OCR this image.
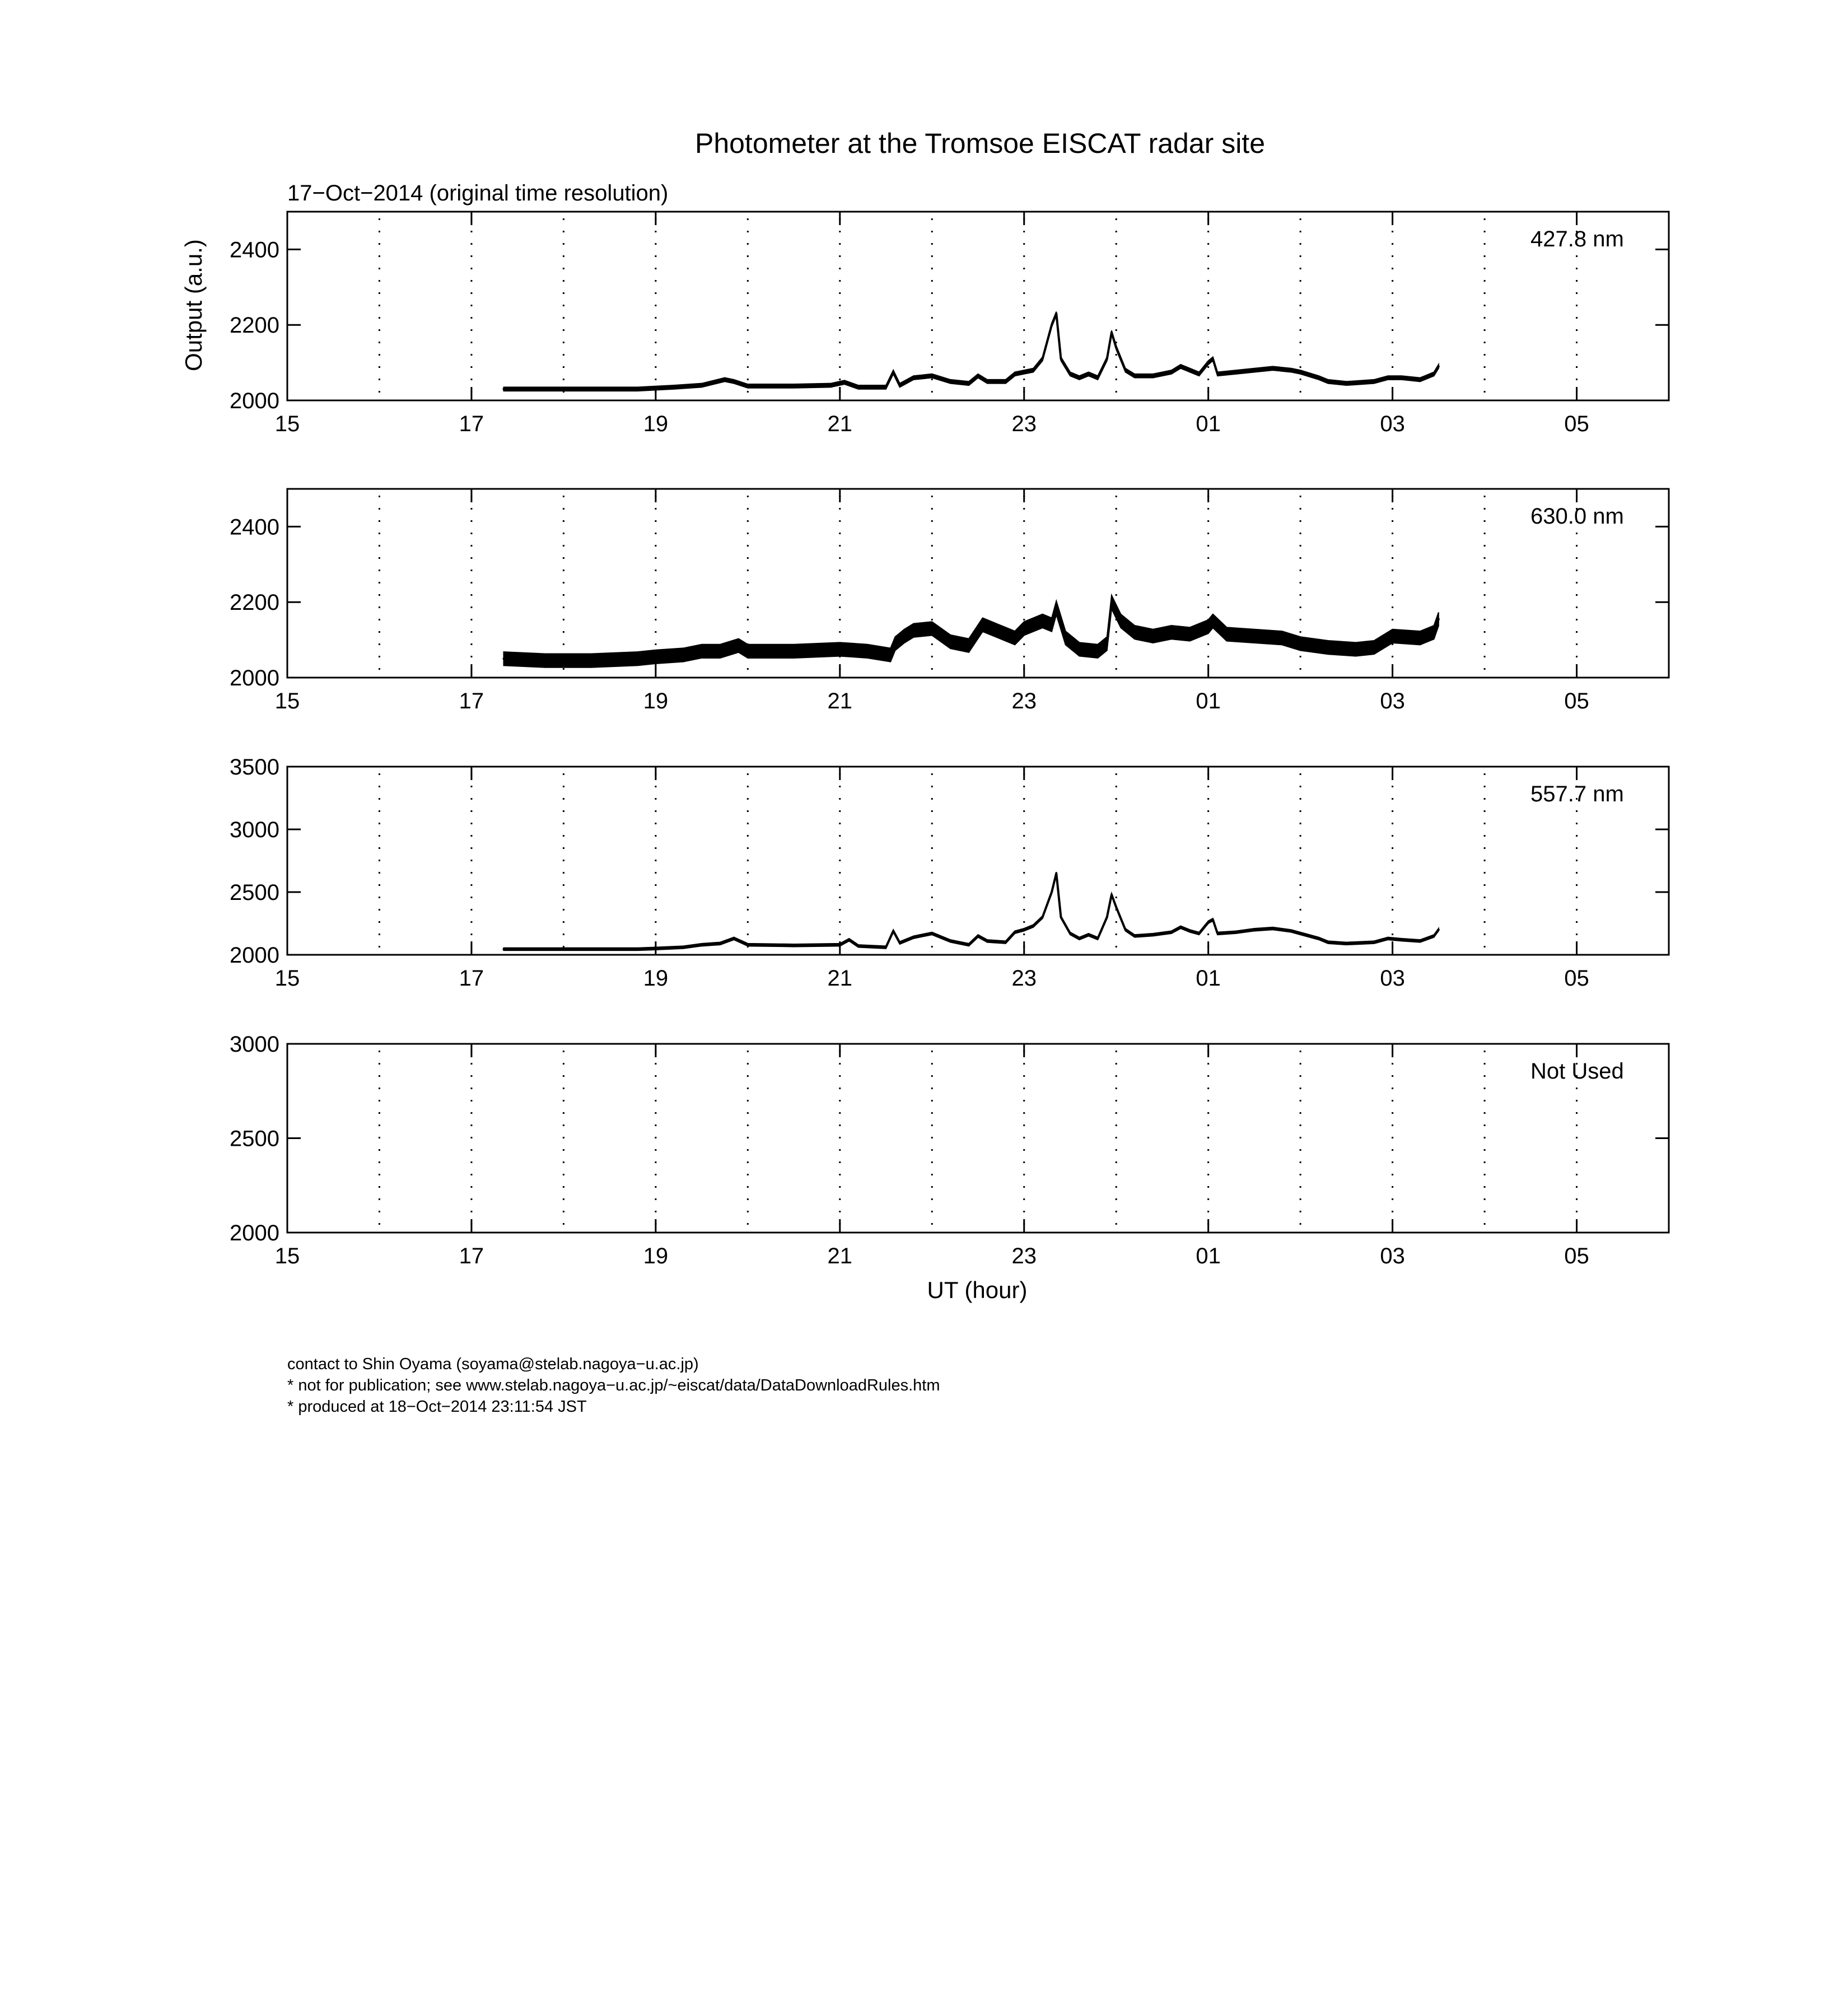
Photometer at the Tromsoe EISCAT radar site
17−Oct−2014 (original time resolution)
Output (a.u.)
15	17	19	21	23	01	03	05
2000
2200
2400	427.8 nm
15	17	19	21	23	01	03	05
2000
2200
2400	630.0 nm
15	17	19	21	23	01	03	05
2000
2500
3000
3500
557.7 nm
15	17	19	21	23	01	03	05
2000
2500
3000
Not Used
UT (hour)
contact to Shin Oyama (soyama@stelab.nagoya−u.ac.jp)
* not for publication; see www.stelab.nagoya−u.ac.jp/~eiscat/data/DataDownloadRules.htm
* produced at 18−Oct−2014 23:11:54 JST
